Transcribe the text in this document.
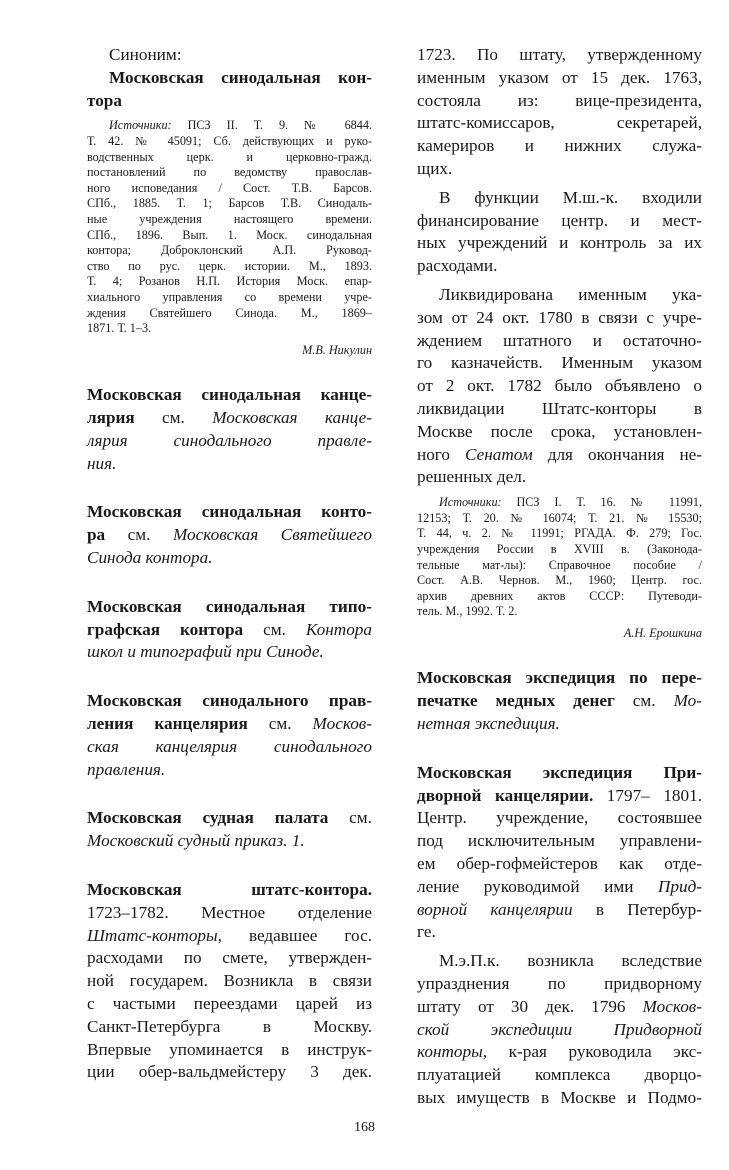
Синоним:
Московская синодальная кон-
тора
Источники: ПСЗ II. Т. 9. № 6844.
Т. 42. № 45091; Сб. действующих и руко-
водственных церк. и церковно-гражд.
постановлений по ведомству православ-
ного исповедания / Сост. Т.В. Барсов.
СПб., 1885. Т. 1; Барсов Т.В. Синодаль-
ные учреждения настоящего времени.
СПб., 1896. Вып. 1. Моск. синодальная
контора; Доброклонский А.П. Руковод-
ство по рус. церк. истории. М., 1893.
Т. 4; Розанов Н.П. История Моск. епар-
хиального управления со времени учре-
ждения Святейшего Синода. М., 1869–
1871. Т. 1–3.
М.В. Никулин
Московская синодальная канце-
лярия см. Московская канце-
лярия синодального правле-
ния.
Московская синодальная конто-
ра см. Московская Святейшего
Синода контора.
Московская синодальная типо-
графская контора см. Контора
школ и типографий при Синоде.
Московская синодального прав-
ления канцелярия см. Москов-
ская канцелярия синодального
правления.
Московская судная палата см.
Московский судный приказ. 1.
Московская штатс-контора.
1723–1782. Местное отделение
Штатс-конторы, ведавшее гос.
расходами по смете, утвержден-
ной государем. Возникла в связи
с частыми переездами царей из
Санкт-Петербурга в Москву.
Впервые упоминается в инструк-
ции обер-вальдмейстеру 3 дек.
1723. По штату, утвержденному
именным указом от 15 дек. 1763,
состояла из: вице-президента,
штатс-комиссаров, секретарей,
камериров и нижних служа-
щих.
В функции М.ш.-к. входили
финансирование центр. и мест-
ных учреждений и контроль за их
расходами.
Ликвидирована именным ука-
зом от 24 окт. 1780 в связи с учре-
ждением штатного и остаточно-
го казначейств. Именным указом
от 2 окт. 1782 было объявлено о
ликвидации Штатс-конторы в
Москве после срока, установлен-
ного Сенатом для окончания не-
решенных дел.
Источники: ПСЗ I. Т. 16. № 11991,
12153; Т. 20. № 16074; Т. 21. № 15530;
Т. 44, ч. 2. № 11991; РГАДА. Ф. 279; Гос.
учреждения России в XVIII в. (Законода-
тельные мат-лы): Справочное пособие /
Сост. А.В. Чернов. М., 1960; Центр. гос.
архив древних актов СССР: Путеводи-
тель. М., 1992. Т. 2.
А.Н. Ерошкина
Московская экспедиция по пере-
печатке медных денег см. Мо-
нетная экспедиция.
Московская экспедиция При-
дворной канцелярии. 1797– 1801.
Центр. учреждение, состоявшее
под исключительным управлени-
ем обер-гофмейстеров как отде-
ление руководимой ими Прид-
ворной канцелярии в Петербур-
ге.
М.э.П.к. возникла вследствие
упразднения по придворному
штату от 30 дек. 1796 Москов-
ской экспедиции Придворной
конторы, к-рая руководила экс-
плуатацией комплекса дворцо-
вых имуществ в Москве и Подмо-
168
